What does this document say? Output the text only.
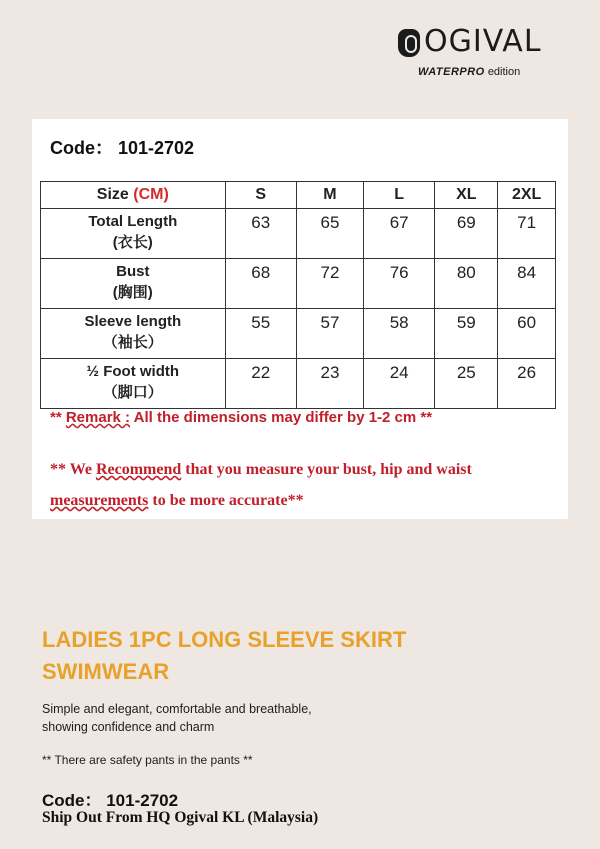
OGIVAL
WATERPRO edition
Code： 101-2702
Size (CM)	S	M	L	XL	2XL

Total Length
(衣长)	63	65	67	69	71

Bust
(胸围)	68	72	76	80	84

Sleeve length
（袖长）	55	57	58	59	60

½ Foot width
（脚口）	22	23	24	25	26
** Remark : All the dimensions may differ by 1-2 cm **
** We Recommend that you measure your bust, hip and waist measurements to be more accurate**
LADIES 1PC LONG SLEEVE SKIRT SWIMWEAR
Simple and elegant, comfortable and breathable, showing confidence and charm
** There are safety pants in the pants **
Code： 101-2702
Ship Out From HQ Ogival KL (Malaysia)
